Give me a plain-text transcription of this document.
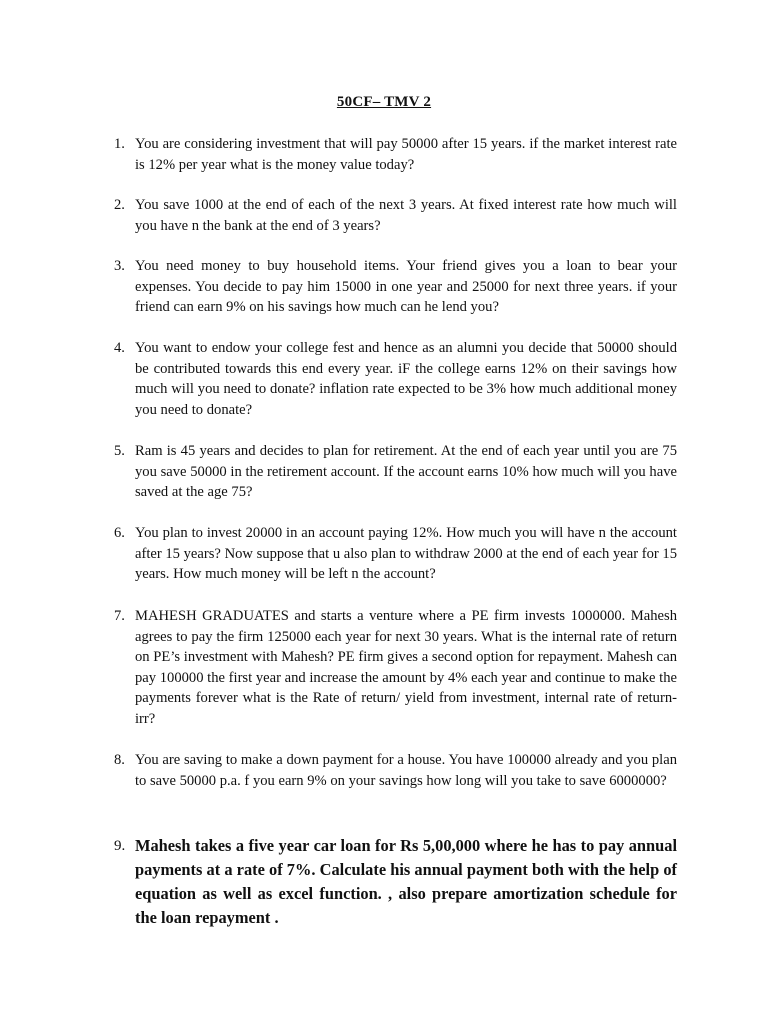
50CF– TMV 2
1. You are considering investment that will pay 50000 after 15 years. if the market interest rate is 12% per year what is the money value today?
2. You save 1000 at the end of each of the next 3 years. At fixed interest rate how much will you have n the bank at the end of 3 years?
3. You need money to buy household items. Your friend gives you a loan to bear your expenses. You decide to pay him 15000 in one year and 25000 for next three years. if your friend can earn 9% on his savings how much can he lend you?
4. You want to endow your college fest and hence as an alumni you decide that 50000 should be contributed towards this end every year. iF the college earns 12% on their savings how much will you need to donate? inflation rate expected to be 3% how much additional money you need to donate?
5. Ram is 45 years and decides to plan for retirement. At the end of each year until you are 75 you save 50000 in the retirement account. If the account earns 10% how much will you have saved at the age 75?
6. You plan to invest 20000 in an account paying 12%. How much you will have n the account after 15 years? Now suppose that u also plan to withdraw 2000 at the end of each year for 15 years. How much money will be left n the account?
7. MAHESH GRADUATES and starts a venture where a PE firm invests 1000000. Mahesh agrees to pay the firm 125000 each year for next 30 years. What is the internal rate of return on PE’s investment with Mahesh? PE firm gives a second option for repayment. Mahesh can pay 100000 the first year and increase the amount by 4% each year and continue to make the payments forever what is the Rate of return/ yield from investment, internal rate of return-irr?
8. You are saving to make a down payment for a house. You have 100000 already and you plan to save 50000 p.a. f you earn 9% on your savings how long will you take to save 6000000?
9. Mahesh takes a five year car loan for Rs 5,00,000 where he has to pay annual payments at a rate of 7%. Calculate his annual payment both with the help of equation as well as excel function. , also prepare amortization schedule for the loan repayment .
